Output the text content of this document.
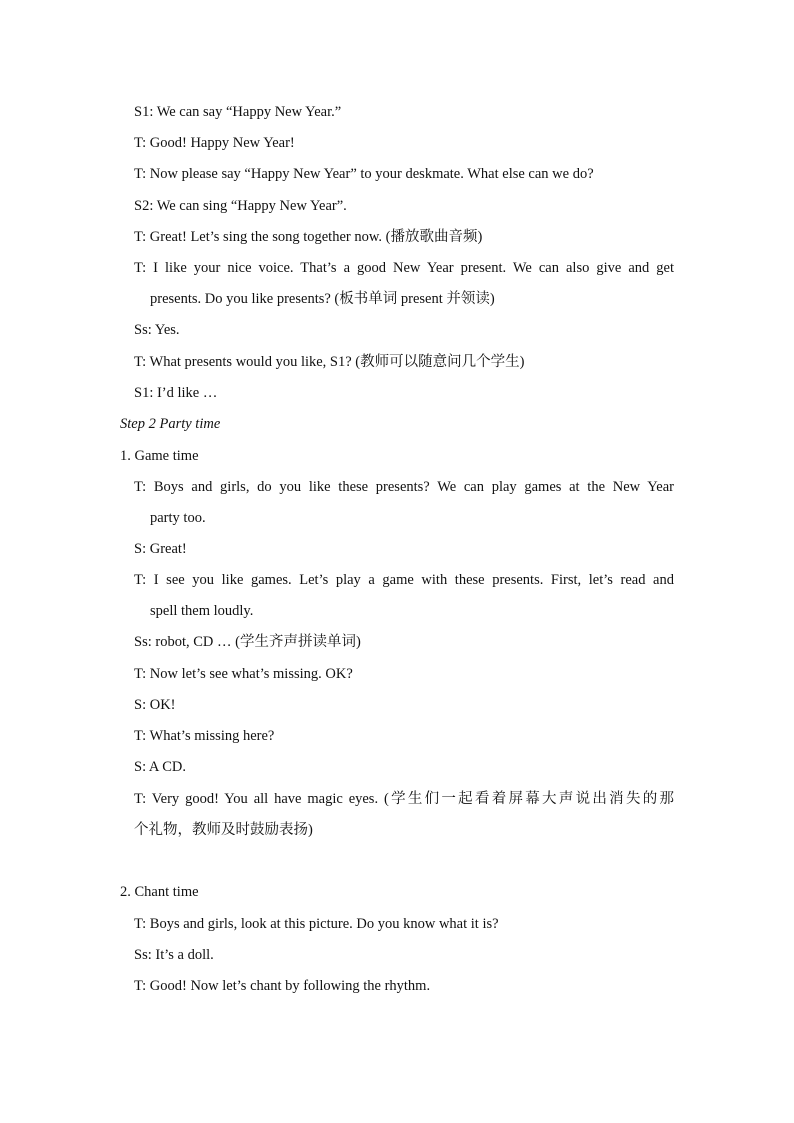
S1: We can say “Happy New Year.”
T: Good! Happy New Year!
T: Now please say “Happy New Year” to your deskmate. What else can we do?
S2: We can sing “Happy New Year”.
T: Great! Let’s sing the song together now. (播放歌曲音频)
T: I like your nice voice. That’s a good New Year present. We can also give and get
presents. Do you like presents? (板书单词 present 并领读)
Ss: Yes.
T: What presents would you like, S1? (教师可以随意问几个学生)
S1: I’d like …
Step 2 Party time
1. Game time
T: Boys and girls, do you like these presents? We can play games at the New Year
party too.
S: Great!
T: I see you like games. Let’s play a game with these presents. First, let’s read and
spell them loudly.
Ss: robot, CD … (学生齐声拼读单词)
T: Now let’s see what’s missing. OK?
S: OK!
T: What’s missing here?
S: A CD.
T: Very good! You all have magic eyes. (学生们一起看着屏幕大声说出消失的那
个礼物，教师及时鼓励表扬)
2. Chant time
T: Boys and girls, look at this picture. Do you know what it is?
Ss: It’s a doll.
T: Good! Now let’s chant by following the rhythm.
